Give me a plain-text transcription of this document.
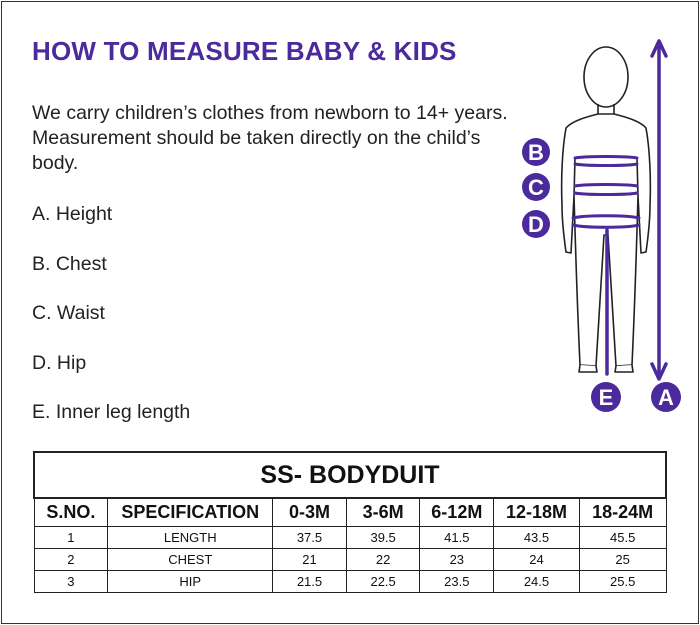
HOW TO MEASURE BABY & KIDS

We carry children’s clothes from newborn to 14+ years. Measurement should be taken directly on the child’s body.

A. Height
B. Chest
C. Waist
D. Hip
E. Inner leg length
B
C
D
E A
SS- BODYDUIT						
S.NO.	SPECIFICATION	0-3M	3-6M	6-12M	12-18M	18-24M
1	LENGTH	37.5	39.5	41.5	43.5	45.5
2	CHEST	21	22	23	24	25
3	HIP	21.5	22.5	23.5	24.5	25.5
